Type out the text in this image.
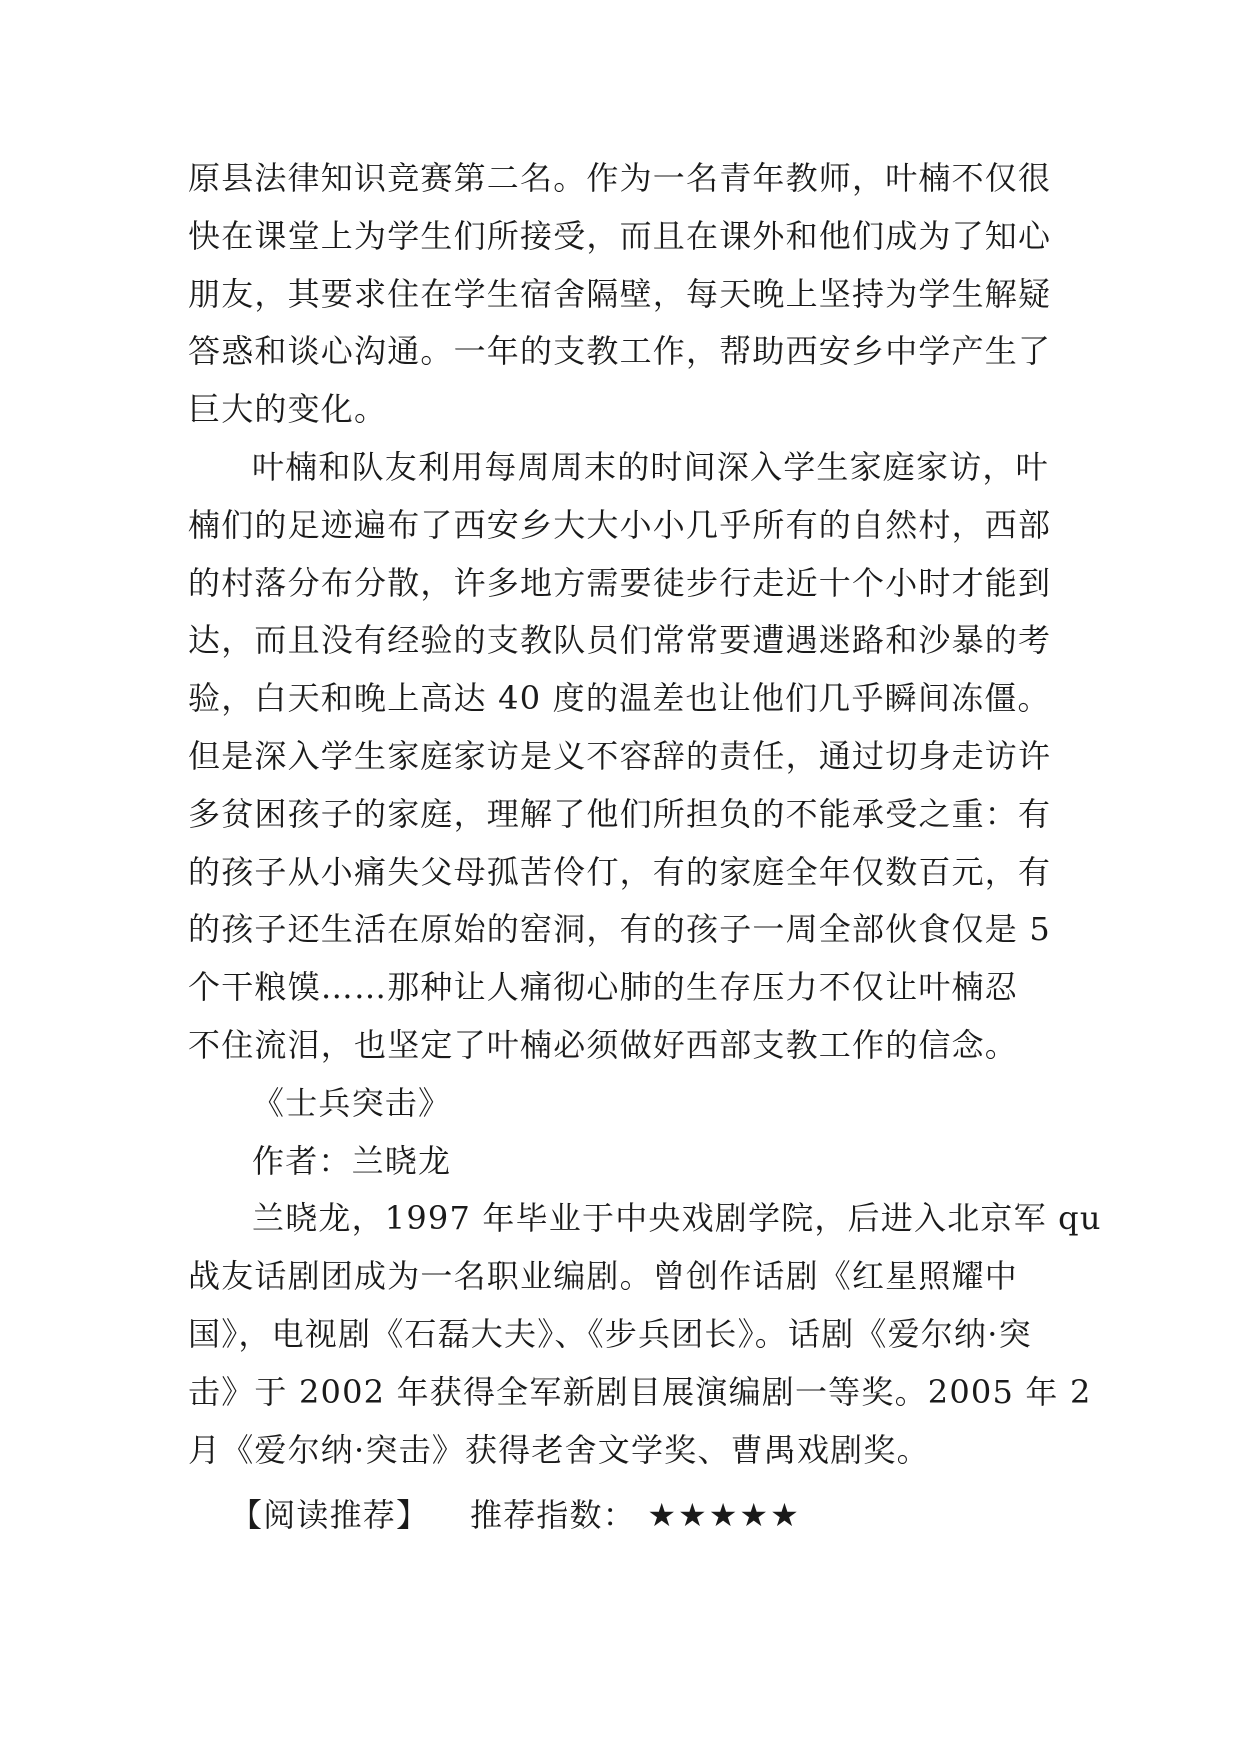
原县法律知识竞赛第二名。作为一名青年教师，叶楠不仅很
快在课堂上为学生们所接受，而且在课外和他们成为了知心
朋友，其要求住在学生宿舍隔壁，每天晚上坚持为学生解疑
答惑和谈心沟通。一年的支教工作，帮助西安乡中学产生了
巨大的变化。
叶楠和队友利用每周周末的时间深入学生家庭家访，叶
楠们的足迹遍布了西安乡大大小小几乎所有的自然村，西部
的村落分布分散，许多地方需要徒步行走近十个小时才能到
达，而且没有经验的支教队员们常常要遭遇迷路和沙暴的考
验，白天和晚上高达 40 度的温差也让他们几乎瞬间冻僵。
但是深入学生家庭家访是义不容辞的责任，通过切身走访许
多贫困孩子的家庭，理解了他们所担负的不能承受之重：有
的孩子从小痛失父母孤苦伶仃，有的家庭全年仅数百元，有
的孩子还生活在原始的窑洞，有的孩子一周全部伙食仅是 5
个干粮馍……那种让人痛彻心肺的生存压力不仅让叶楠忍
不住流泪，也坚定了叶楠必须做好西部支教工作的信念。
《士兵突击》
作者：兰晓龙
兰晓龙，1997 年毕业于中央戏剧学院，后进入北京军 qu
战友话剧团成为一名职业编剧。曾创作话剧《红星照耀中
国》，电视剧《石磊大夫》、《步兵团长》。话剧《爱尔纳·突
击》于 2002 年获得全军新剧目展演编剧一等奖。2005 年 2
月《爱尔纳·突击》获得老舍文学奖、曹禺戏剧奖。
【阅读推荐】 推荐指数： ★★★★★
